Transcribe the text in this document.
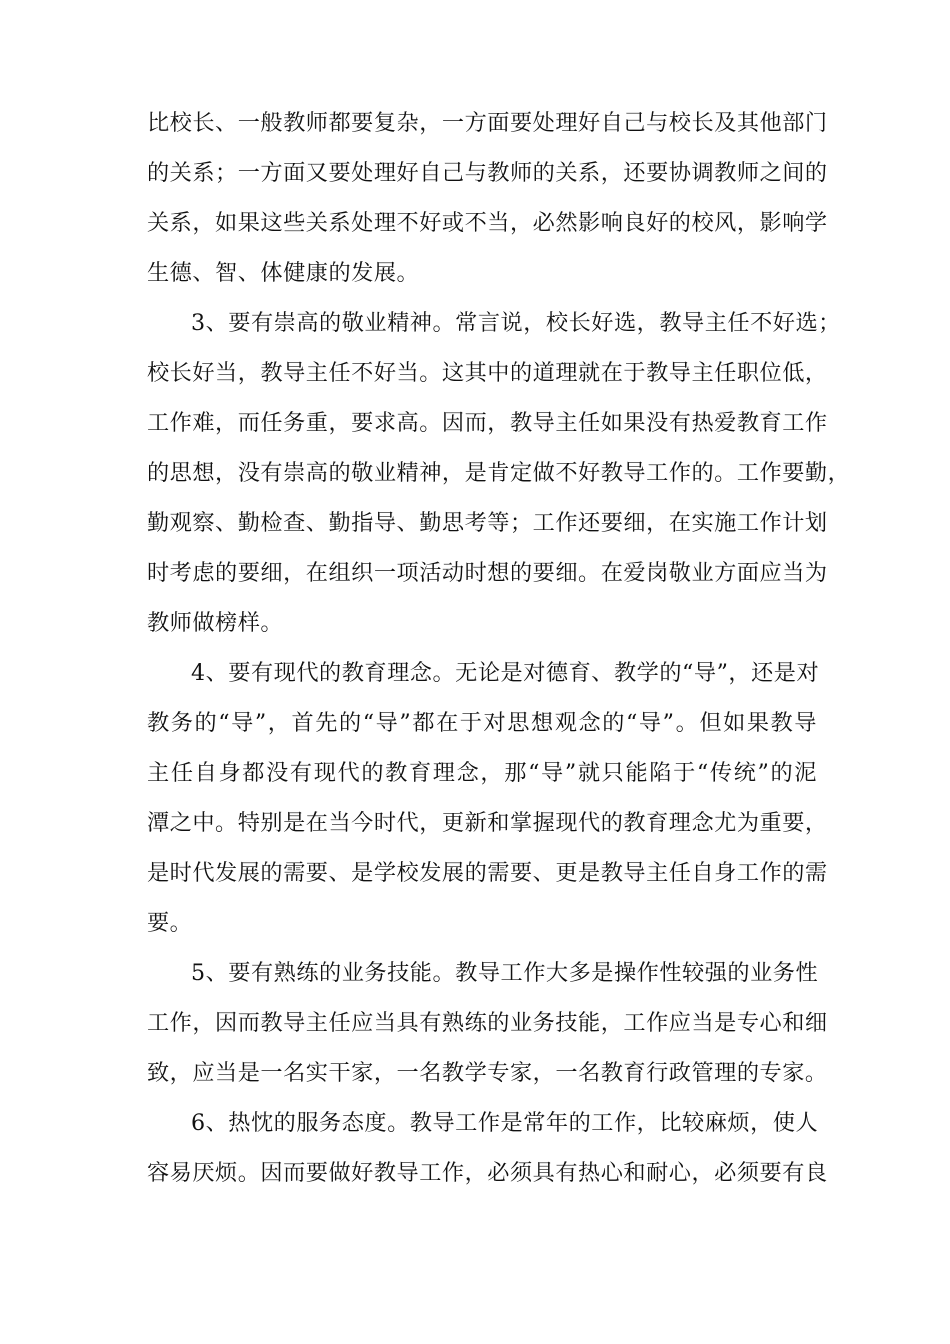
比校长、一般教师都要复杂，一方面要处理好自己与校长及其他部门
的关系；一方面又要处理好自己与教师的关系，还要协调教师之间的
关系，如果这些关系处理不好或不当，必然影响良好的校风，影响学
生德、智、体健康的发展。
3、要有崇高的敬业精神。常言说，校长好选，教导主任不好选；
校长好当，教导主任不好当。这其中的道理就在于教导主任职位低，
工作难，而任务重，要求高。因而，教导主任如果没有热爱教育工作
的思想，没有崇高的敬业精神，是肯定做不好教导工作的。工作要勤，
勤观察、勤检查、勤指导、勤思考等；工作还要细，在实施工作计划
时考虑的要细，在组织一项活动时想的要细。在爱岗敬业方面应当为
教师做榜样。
4、要有现代的教育理念。无论是对德育、教学的“导”，还是对
教务的“导”，首先的“导”都在于对思想观念的“导”。但如果教导
主任自身都没有现代的教育理念，那“导”就只能陷于“传统”的泥
潭之中。特别是在当今时代，更新和掌握现代的教育理念尤为重要，
是时代发展的需要、是学校发展的需要、更是教导主任自身工作的需
要。
5、要有熟练的业务技能。教导工作大多是操作性较强的业务性
工作，因而教导主任应当具有熟练的业务技能，工作应当是专心和细
致，应当是一名实干家，一名教学专家，一名教育行政管理的专家。
6、热忱的服务态度。教导工作是常年的工作，比较麻烦，使人
容易厌烦。因而要做好教导工作，必须具有热心和耐心，必须要有良
